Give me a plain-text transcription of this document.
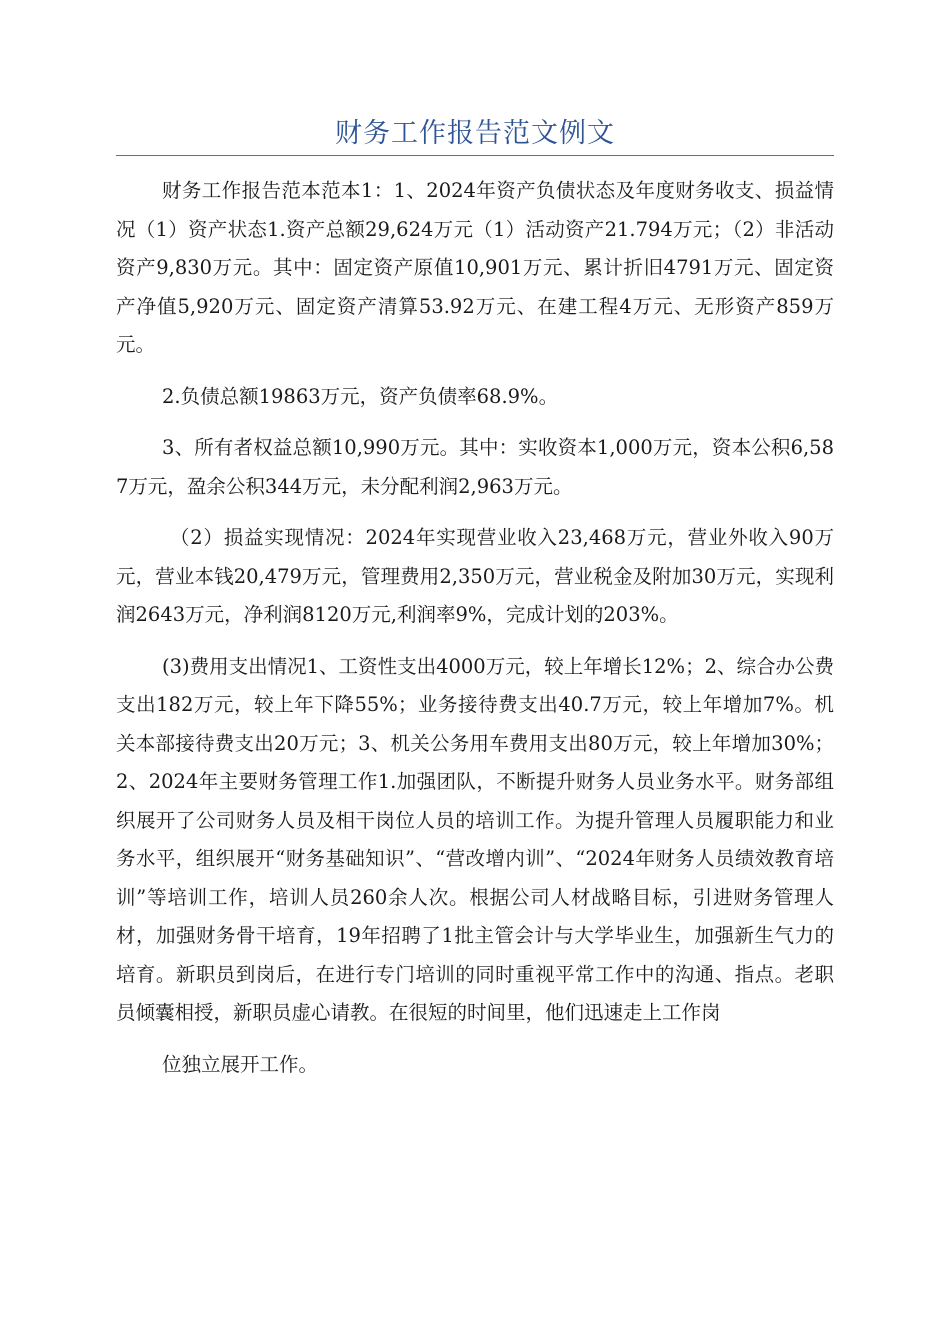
财务工作报告范文例文

财务工作报告范本范本1：1、2024年资产负债状态及年度财务收支、损益情况（1）资产状态1.资产总额29,624万元（1）活动资产21.794万元；（2）非活动资产9,830万元。其中：固定资产原值10,901万元、累计折旧4791万元、固定资产净值5,920万元、固定资产清算53.92万元、在建工程4万元、无形资产859万元。

2.负债总额19863万元，资产负债率68.9%。

3、所有者权益总额10,990万元。其中：实收资本1,000万元，资本公积6,587万元，盈余公积344万元，未分配利润2,963万元。

（2）损益实现情况：2024年实现营业收入23,468万元，营业外收入90万元，营业本钱20,479万元，管理费用2,350万元，营业税金及附加30万元，实现利润2643万元，净利润8120万元,利润率9%，完成计划的203%。

(3)费用支出情况1、工资性支出4000万元，较上年增长12%；2、综合办公费支出182万元，较上年下降55%；业务接待费支出40.7万元，较上年增加7%。机关本部接待费支出20万元；3、机关公务用车费用支出80万元，较上年增加30%；2、2024年主要财务管理工作1.加强团队，不断提升财务人员业务水平。财务部组织展开了公司财务人员及相干岗位人员的培训工作。为提升管理人员履职能力和业务水平，组织展开“财务基础知识”、“营改增内训”、“2024年财务人员绩效教育培训”等培训工作，培训人员260余人次。根据公司人材战略目标，引进财务管理人材，加强财务骨干培育，19年招聘了1批主管会计与大学毕业生，加强新生气力的培育。新职员到岗后，在进行专门培训的同时重视平常工作中的沟通、指点。老职员倾囊相授，新职员虚心请教。在很短的时间里，他们迅速走上工作岗

位独立展开工作。
